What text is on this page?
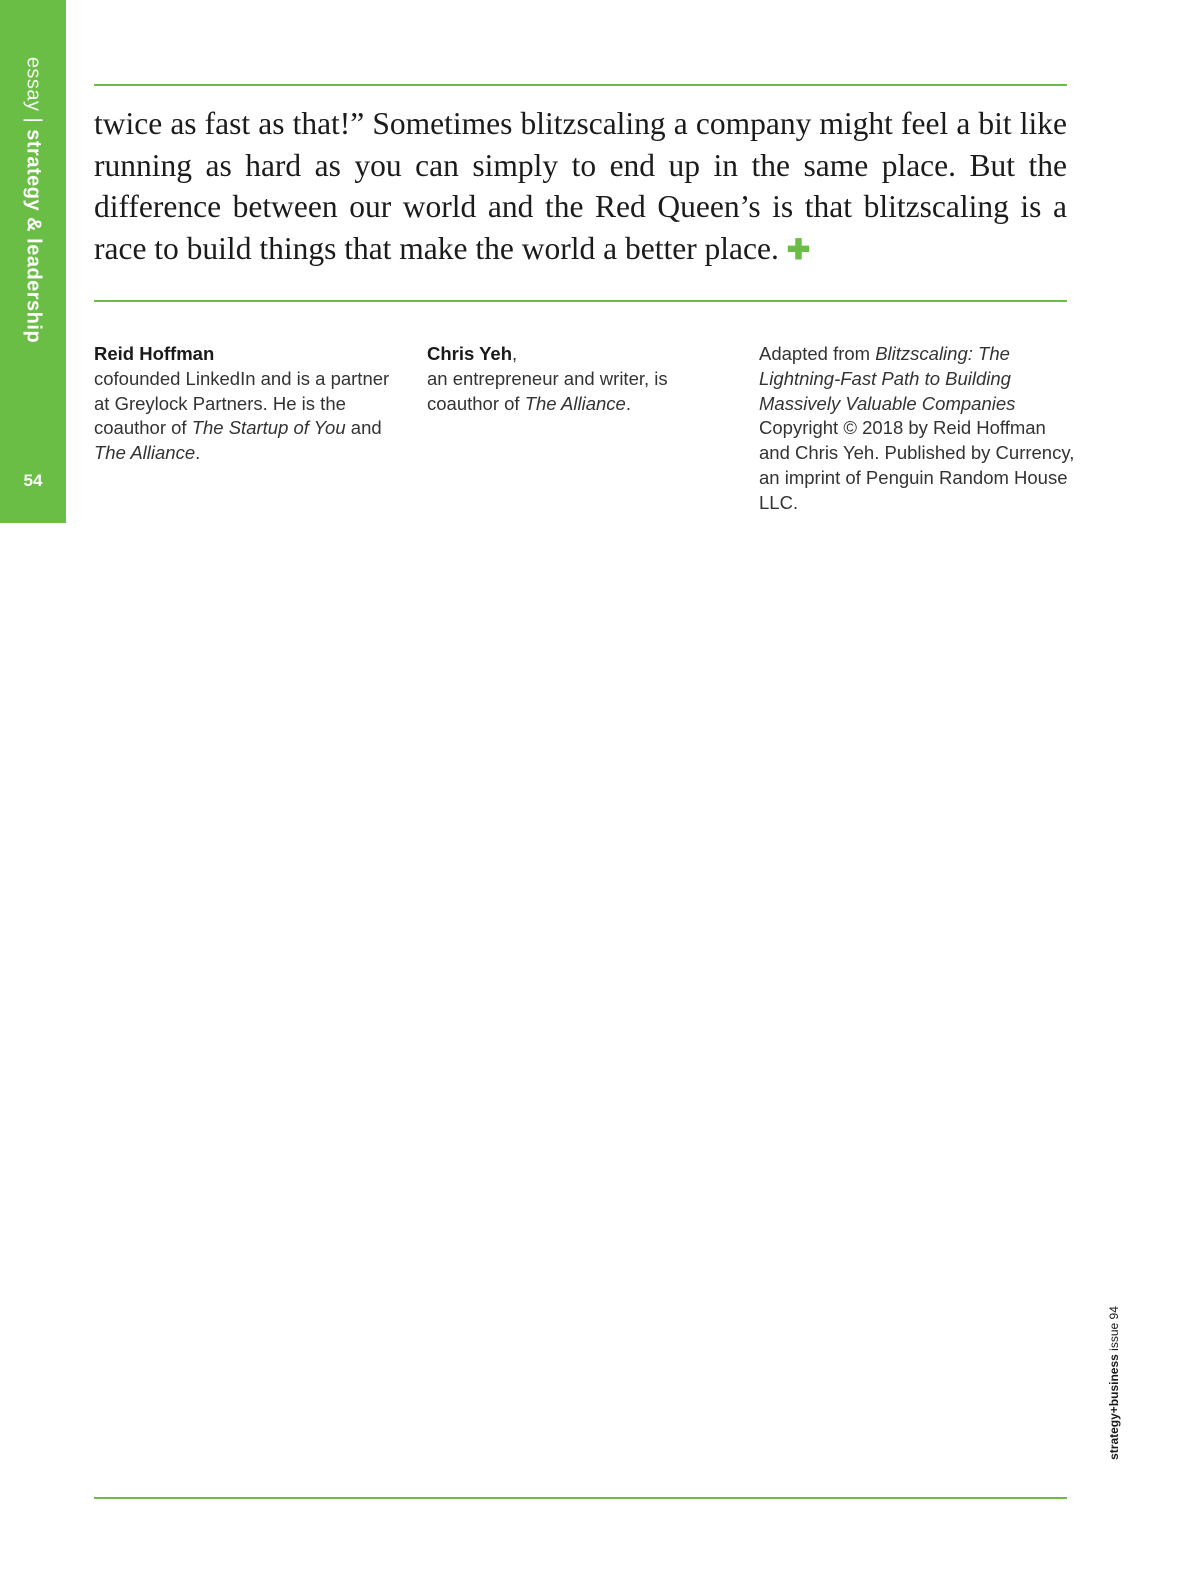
essay|strategy & leadership
54

twice as fast as that!” Sometimes blitzscaling a company might feel a bit like running as hard as you can simply to end up in the same place. But the difference between our world and the Red Queen’s is that blitzscaling is a race to build things that make the world a better place. ✚

Reid Hoffman
cofounded LinkedIn and is a partner at Greylock Partners. He is the coauthor of The Startup of You and The Alliance.
Chris Yeh,
an entrepreneur and writer, is coauthor of The Alliance.
Adapted from Blitzscaling: The Lightning-Fast Path to Building Massively Valuable Companies
Copyright © 2018 by Reid Hoffman and Chris Yeh. Published by Currency, an imprint of Penguin Random House LLC.
strategy+business issue 94
